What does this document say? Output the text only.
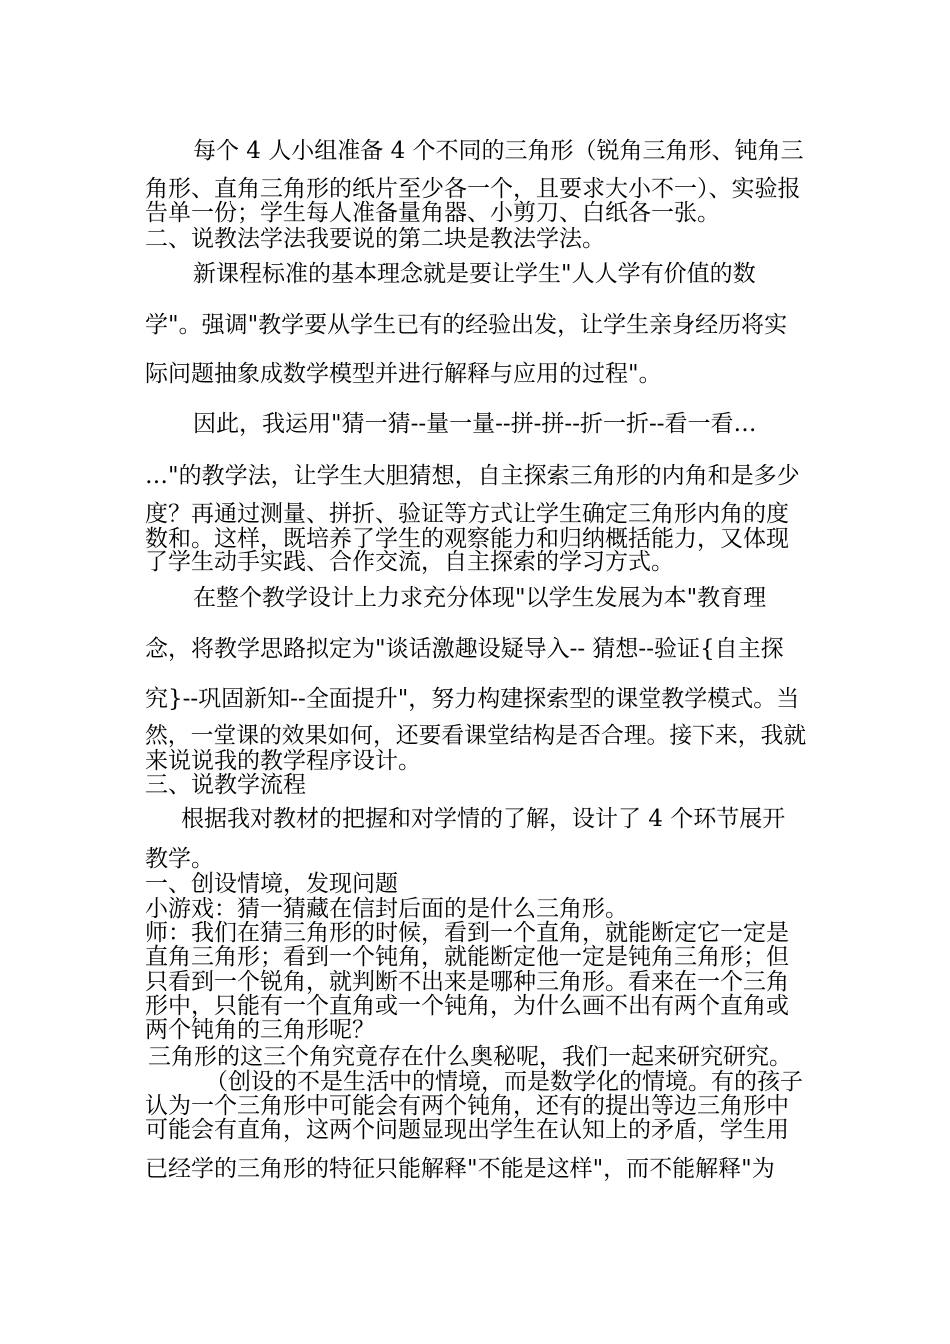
每个 4 人小组准备 4 个不同的三角形（锐角三角形、钝角三
角形、直角三角形的纸片至少各一个，且要求大小不一）、实验报
告单一份；学生每人准备量角器、小剪刀、白纸各一张。
二、说教法学法我要说的第二块是教法学法。
新课程标准的基本理念就是要让学生"人人学有价值的数
学"。强调"教学要从学生已有的经验出发，让学生亲身经历将实
际问题抽象成数学模型并进行解释与应用的过程"。
因此，我运用"猜一猜--量一量--拼-拼--折一折--看一看…
…"的教学法，让学生大胆猜想，自主探索三角形的内角和是多少
度？再通过测量、拼折、验证等方式让学生确定三角形内角的度
数和。这样，既培养了学生的观察能力和归纳概括能力，又体现
了学生动手实践、合作交流，自主探索的学习方式。
在整个教学设计上力求充分体现"以学生发展为本"教育理
念，将教学思路拟定为"谈话激趣设疑导入-- 猜想--验证{自主探
究}--巩固新知--全面提升"，努力构建探索型的课堂教学模式。当
然，一堂课的效果如何，还要看课堂结构是否合理。接下来，我就
来说说我的教学程序设计。
三、说教学流程
根据我对教材的把握和对学情的了解，设计了 4 个环节展开
教学。
一、创设情境，发现问题
小游戏：猜一猜藏在信封后面的是什么三角形。
师：我们在猜三角形的时候，看到一个直角，就能断定它一定是
直角三角形；看到一个钝角，就能断定他一定是钝角三角形；但
只看到一个锐角，就判断不出来是哪种三角形。看来在一个三角
形中，只能有一个直角或一个钝角，为什么画不出有两个直角或
两个钝角的三角形呢？
三角形的这三个角究竟存在什么奥秘呢，我们一起来研究研究。
（创设的不是生活中的情境，而是数学化的情境。有的孩子
认为一个三角形中可能会有两个钝角，还有的提出等边三角形中
可能会有直角，这两个问题显现出学生在认知上的矛盾，学生用
已经学的三角形的特征只能解释"不能是这样"，而不能解释"为
